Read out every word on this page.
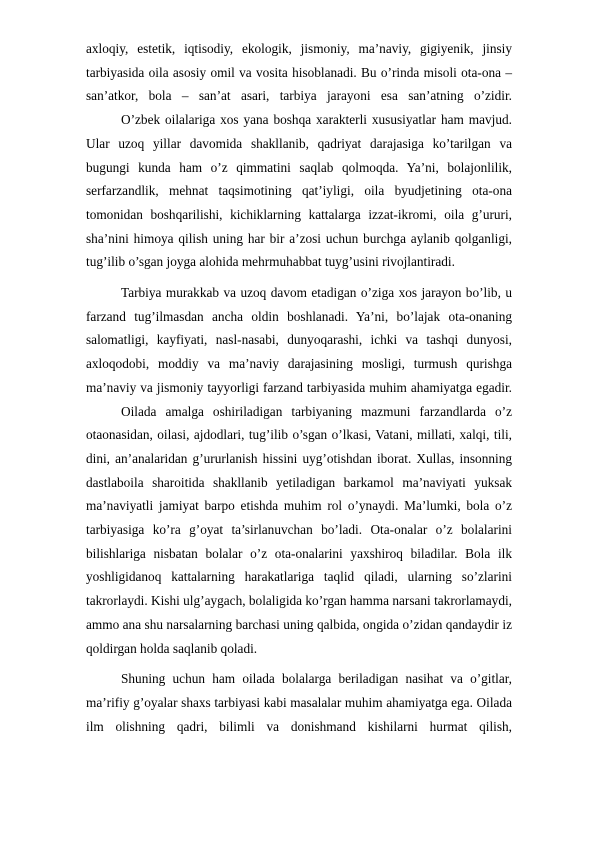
axloqiy, estetik, iqtisodiy, ekologik, jismoniy, ma’naviy, gigiyenik, jinsiy tarbiyasida oila asosiy omil va vosita hisoblanadi. Bu o’rinda misoli ota-ona – san’atkor, bola – san’at asari, tarbiya jarayoni esa san’atning o’zidir.

O’zbek oilalariga xos yana boshqa xarakterli xususiyatlar ham mavjud. Ular uzoq yillar davomida shakllanib, qadriyat darajasiga ko’tarilgan va bugungi kunda ham o’z qimmatini saqlab qolmoqda. Ya’ni, bolajonlilik, serfarzandlik, mehnat taqsimotining qat’iyligi, oila byudjetining ota-ona tomonidan boshqarilishi, kichiklarning kattalarga izzat-ikromi, oila g’ururi, sha’nini himoya qilish uning har bir a’zosi uchun burchga aylanib qolganligi, tug’ilib o’sgan joyga alohida mehrmuhabbat tuyg’usini rivojlantiradi.

Tarbiya murakkab va uzoq davom etadigan o’ziga xos jarayon bo’lib, u farzand tug’ilmasdan ancha oldin boshlanadi. Ya’ni, bo’lajak ota-onaning salomatligi, kayfiyati, nasl-nasabi, dunyoqarashi, ichki va tashqi dunyosi, axloqodobi, moddiy va ma’naviy darajasining mosligi, turmush qurishga ma’naviy va jismoniy tayyorligi farzand tarbiyasida muhim ahamiyatga egadir.

Oilada amalga oshiriladigan tarbiyaning mazmuni farzandlarda o’z otaonasidan, oilasi, ajdodlari, tug’ilib o’sgan o’lkasi, Vatani, millati, xalqi, tili, dini, an’analaridan g’ururlanish hissini uyg’otishdan iborat. Xullas, insonning dastlaboila sharoitida shakllanib yetiladigan barkamol ma’naviyati yuksak ma’naviyatli jamiyat barpo etishda muhim rol o’ynaydi. Ma’lumki, bola o’z tarbiyasiga ko’ra g’oyat ta’sirlanuvchan bo’ladi. Ota-onalar o’z bolalarini bilishlariga nisbatan bolalar o’z ota-onalarini yaxshiroq biladilar. Bola ilk yoshligidanoq kattalarning harakatlariga taqlid qiladi, ularning so’zlarini takrorlaydi. Kishi ulg’aygach, bolaligida ko’rgan hamma narsani takrorlamaydi, ammo ana shu narsalarning barchasi uning qalbida, ongida o’zidan qandaydir iz qoldirgan holda saqlanib qoladi.

Shuning uchun ham oilada bolalarga beriladigan nasihat va o’gitlar, ma’rifiy g’oyalar shaxs tarbiyasi kabi masalalar muhim ahamiyatga ega. Oilada ilm olishning qadri, bilimli va donishmand kishilarni hurmat qilish,
